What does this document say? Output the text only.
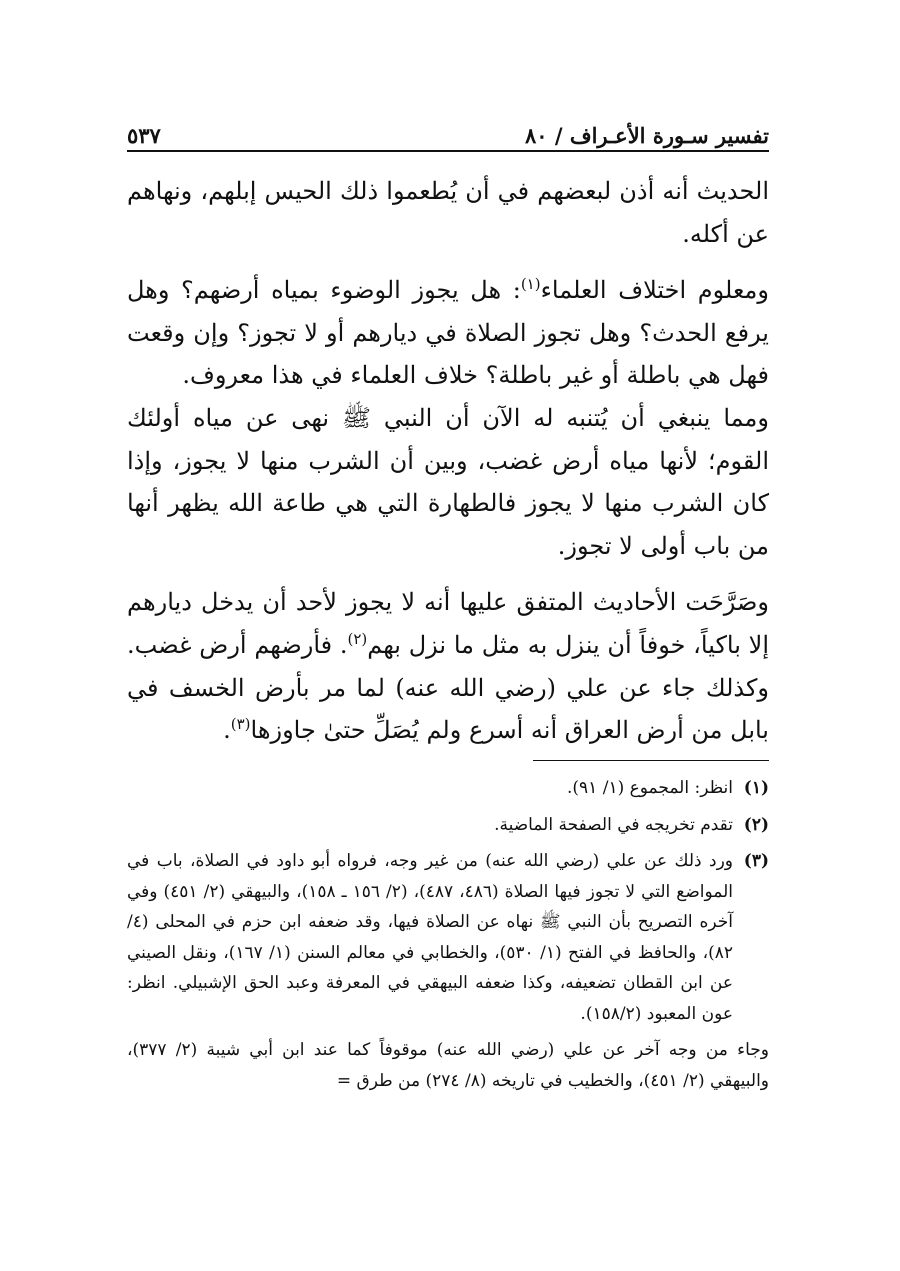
تفسير سـورة الأعـراف / ٨٠
٥٣٧

الحديث أنه أذن لبعضهم في أن يُطعموا ذلك الحيس إبلهم، ونهاهم عن أكله.

ومعلوم اختلاف العلماء$^{(١)}$: هل يجوز الوضوء بمياه أرضهم؟ وهل يرفع الحدث؟ وهل تجوز الصلاة في ديارهم أو لا تجوز؟ وإن وقعت فهل هي باطلة أو غير باطلة؟ خلاف العلماء في هذا معروف.

ومما ينبغي أن يُتنبه له الآن أن النبي ﷺ نهى عن مياه أولئك القوم؛ لأنها مياه أرض غضب، وبين أن الشرب منها لا يجوز، وإذا كان الشرب منها لا يجوز فالطهارة التي هي طاعة الله يظهر أنها من باب أولى لا تجوز.

وصَرَّحَت الأحاديث المتفق عليها أنه لا يجوز لأحد أن يدخل ديارهم إلا باكياً، خوفاً أن ينزل به مثل ما نزل بهم$^{(٢)}$. فأرضهم أرض غضب. وكذلك جاء عن علي (رضي الله عنه) لما مر بأرض الخسف في بابل من أرض العراق أنه أسرع ولم يُصَلِّ حتىٰ جاوزها$^{(٣)}$.

(١)
انظر: المجموع (١/ ٩١).
(٢)
تقدم تخريجه في الصفحة الماضية.
(٣)
ورد ذلك عن علي (رضي الله عنه) من غير وجه، فرواه أبو داود في الصلاة، باب في المواضع التي لا تجوز فيها الصلاة (٤٨٦، ٤٨٧)، (٢/ ١٥٦ ـ ١٥٨)، والبيهقي (٢/ ٤٥١) وفي آخره التصريح بأن النبي ﷺ نهاه عن الصلاة فيها، وقد ضعفه ابن حزم في المحلى (٤/ ٨٢)، والحافظ في الفتح (١/ ٥٣٠)، والخطابي في معالم السنن (١/ ١٦٧)، ونقل الصيني عن ابن القطان تضعيفه، وكذا ضعفه البيهقي في المعرفة وعبد الحق الإشبيلي. انظر: عون المعبود (١٥٨/٢).
وجاء من وجه آخر عن علي (رضي الله عنه) موقوفاً كما عند ابن أبي شيبة (٢/ ٣٧٧)، والبيهقي (٢/ ٤٥١)، والخطيب في تاريخه (٨/ ٢٧٤) من طرق =
